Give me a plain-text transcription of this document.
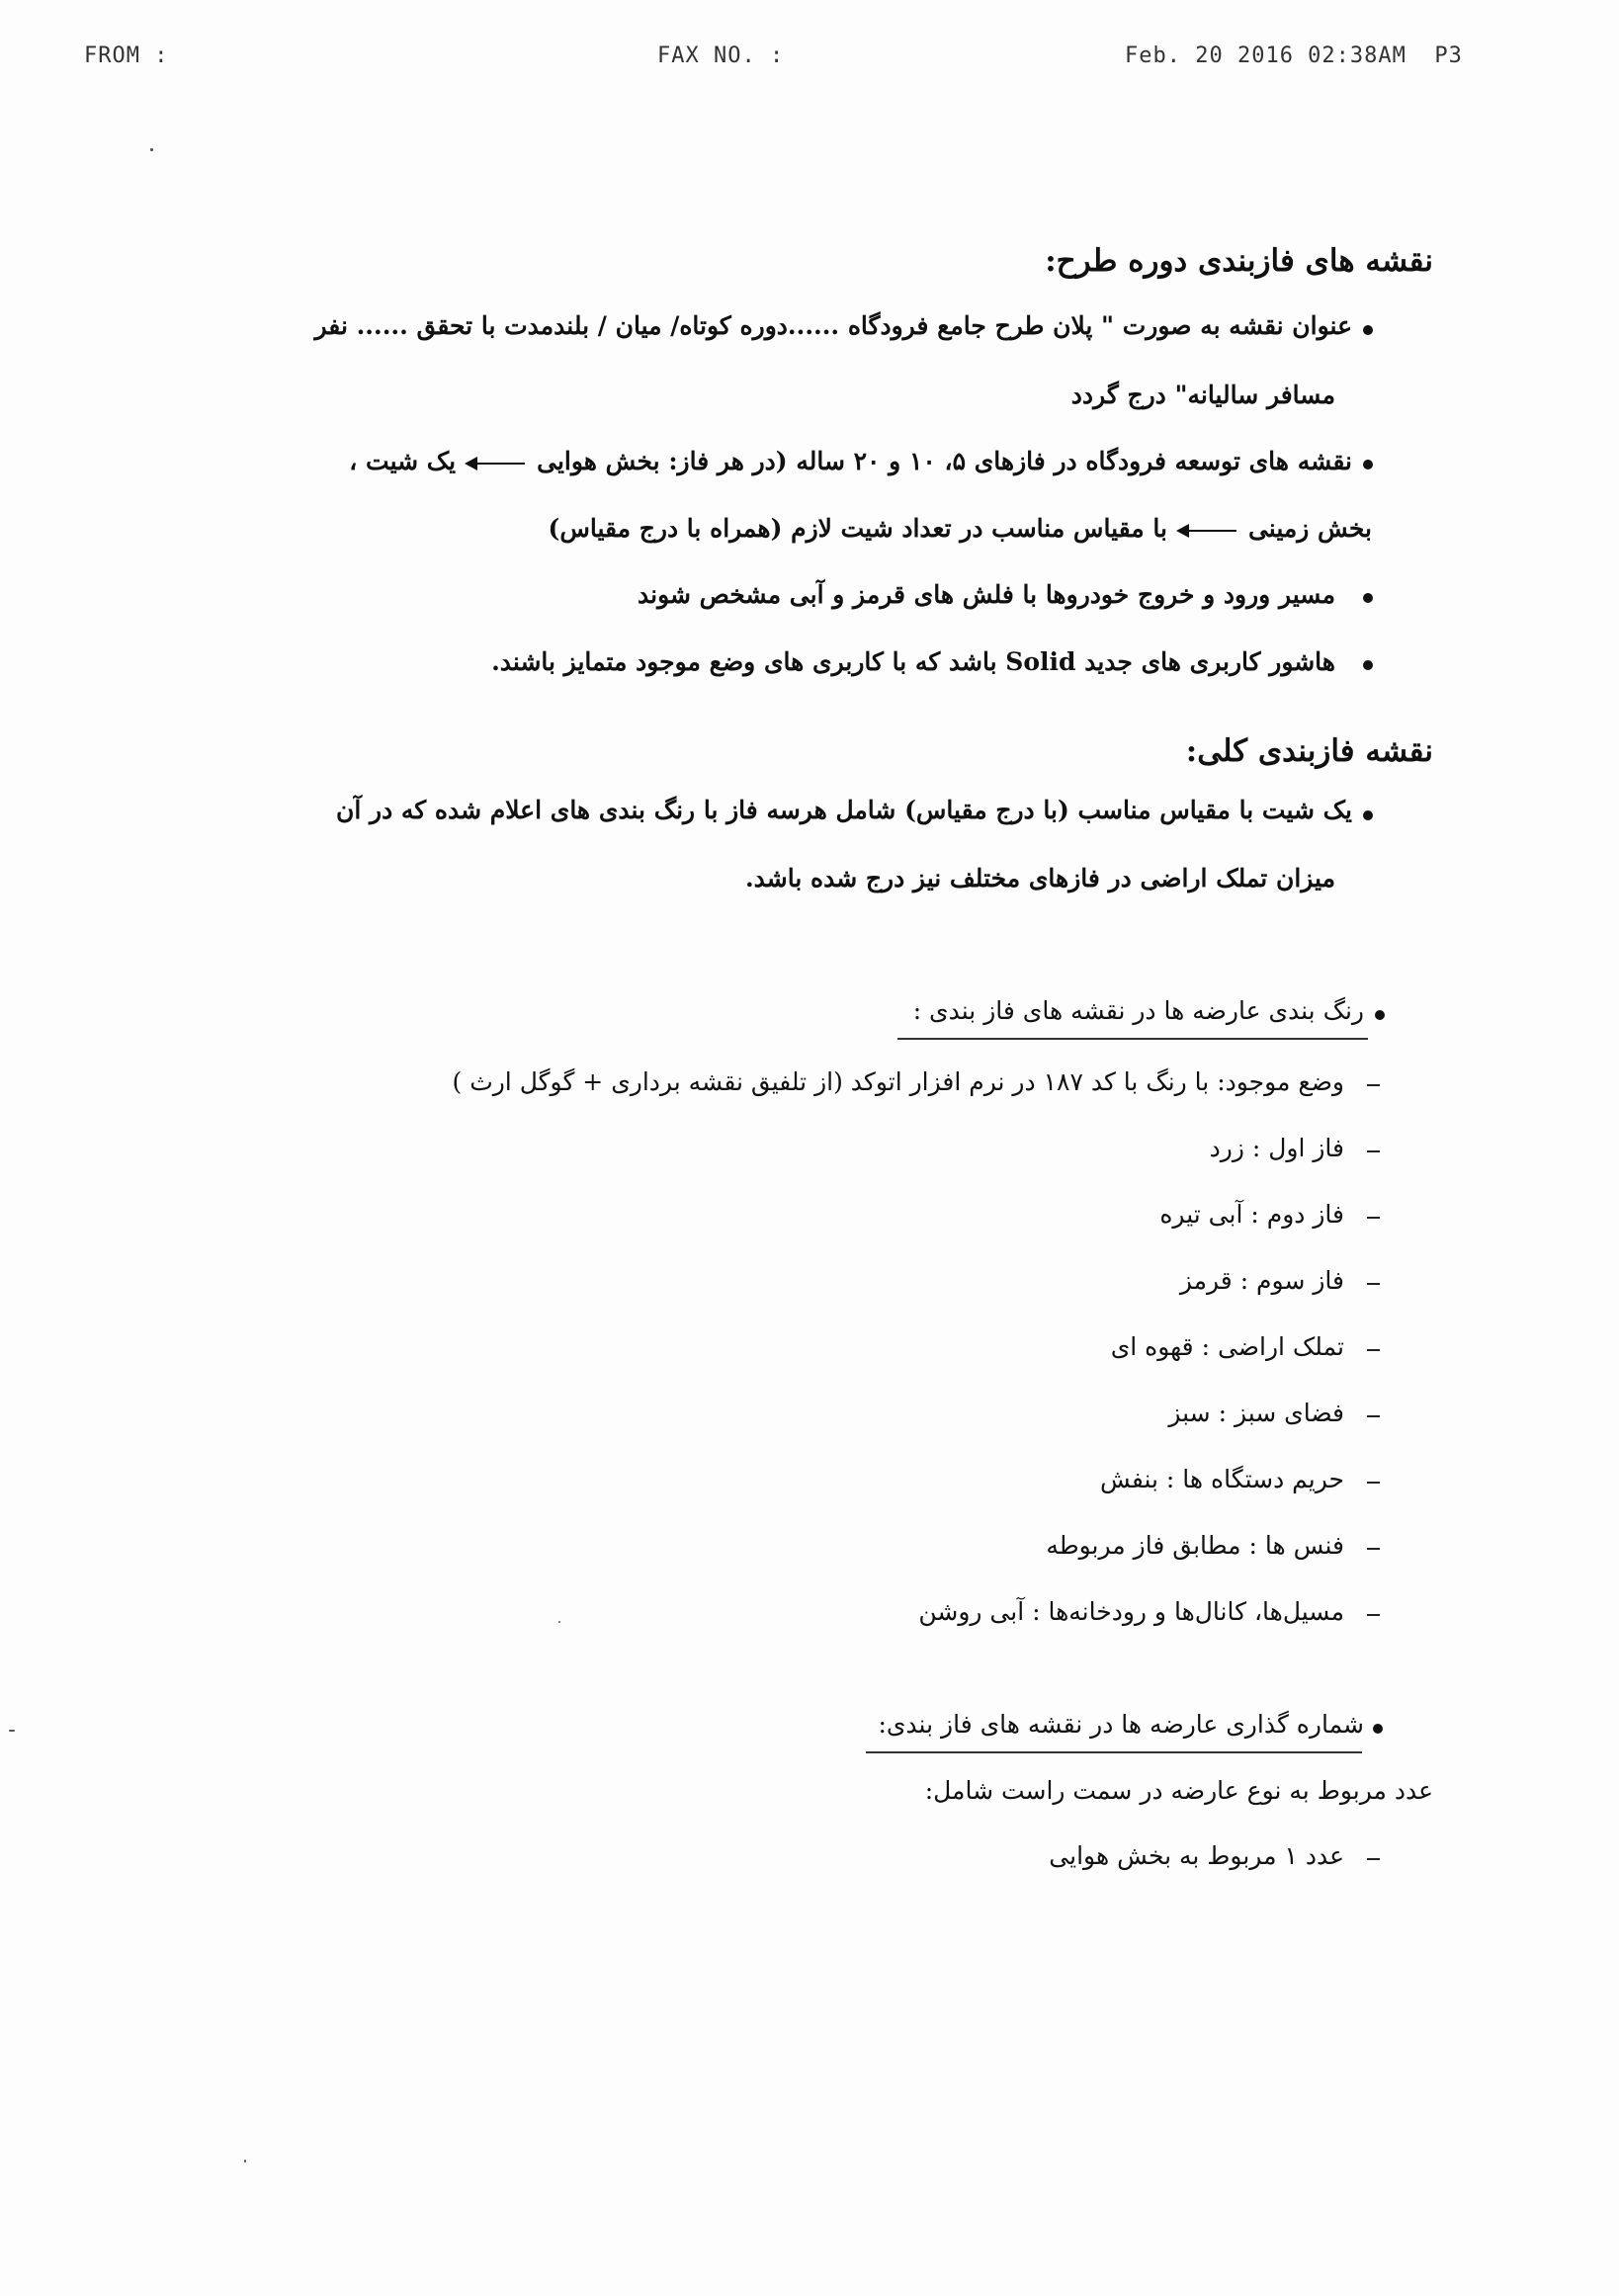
FROM :	FAX NO. :	Feb. 20 2016 02:38AM P3
نقشه های فازبندی دوره طرح:
عنوان نقشه به صورت " پلان طرح جامع فرودگاه ......دوره کوتاه/ میان / بلندمدت با تحقق ...... نفر
مسافر سالیانه" درج گردد
نقشه های توسعه فرودگاه در فازهای ۵، ۱۰ و ۲۰ ساله (در هر فاز: بخش هوایییک شیت ،
بخش زمینیبا مقیاس مناسب در تعداد شیت لازم (همراه با درج مقیاس)
مسیر ورود و خروج خودروها با فلش های قرمز و آبی مشخص شوند
هاشور کاربری های جدید Solid باشد که با کاربری های وضع موجود متمایز باشند.
نقشه فازبندی کلی:
یک شیت با مقیاس مناسب (با درج مقیاس) شامل هرسه فاز با رنگ بندی های اعلام شده که در آن
میزان تملک اراضی در فازهای مختلف نیز درج شده باشد.
رنگ بندی عارضه ها در نقشه های فاز بندی :
وضع موجود: با رنگ با کد ۱۸۷ در نرم افزار اتوکد (از تلفیق نقشه برداری + گوگل ارث )
فاز اول : زرد
فاز دوم : آبی تیره
فاز سوم : قرمز
تملک اراضی : قهوه ای
فضای سبز : سبز
حریم دستگاه ها : بنفش
فنس ها : مطابق فاز مربوطه
مسیل‌ها، کانال‌ها و رودخانه‌ها : آبی روشن
شماره گذاری عارضه ها در نقشه های فاز بندی:
عدد مربوط به نوع عارضه در سمت راست شامل:
عدد ۱ مربوط به بخش هوایی
